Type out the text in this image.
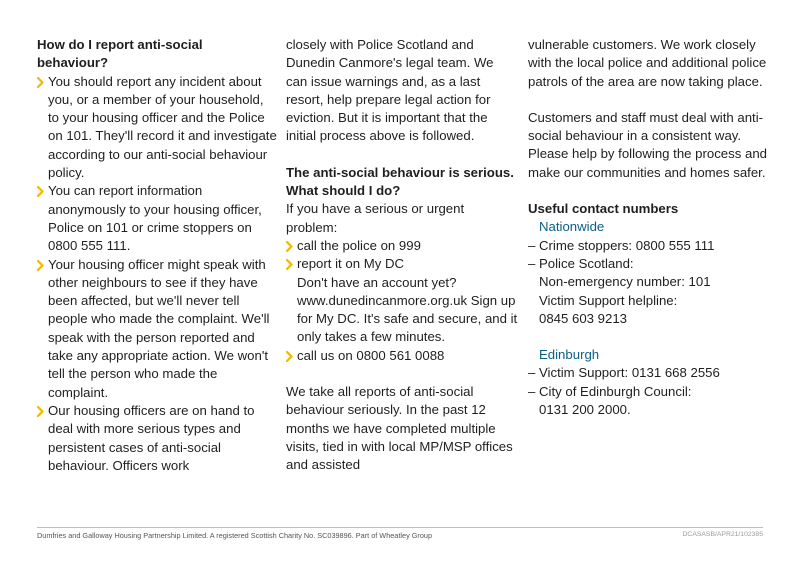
How do I report anti-social behaviour?
You should report any incident about you, or a member of your household, to your housing officer and the Police on 101. They'll record it and investigate according to our anti-social behaviour policy.
You can report information anonymously to your housing officer, Police on 101 or crime stoppers on 0800 555 111.
Your housing officer might speak with other neighbours to see if they have been affected, but we'll never tell people who made the complaint. We'll speak with the person reported and take any appropriate action. We won't tell the person who made the complaint.
Our housing officers are on hand to deal with more serious types and persistent cases of anti-social behaviour. Officers work
closely with Police Scotland and Dunedin Canmore's legal team. We can issue warnings and, as a last resort, help prepare legal action for eviction. But it is important that the initial process above is followed.
The anti-social behaviour is serious. What should I do?
If you have a serious or urgent problem:
call the police on 999
report it on My DC
Don't have an account yet? www.dunedincanmore.org.uk Sign up for My DC. It's safe and secure, and it only takes a few minutes.
call us on 0800 561 0088
We take all reports of anti-social behaviour seriously. In the past 12 months we have completed multiple visits, tied in with local MP/MSP offices and assisted
vulnerable customers. We work closely with the local police and additional police patrols of the area are now taking place.
Customers and staff must deal with anti-social behaviour in a consistent way. Please help by following the process and make our communities and homes safer.
Useful contact numbers
Nationwide
– Crime stoppers: 0800 555 111
– Police Scotland:
Non-emergency number: 101
Victim Support helpline:
0845 603 9213
Edinburgh
– Victim Support: 0131 668 2556
– City of Edinburgh Council:
0131 200 2000.
Dumfries and Galloway Housing Partnership Limited. A registered Scottish Charity No. SC039896. Part of Wheatley Group	DCASASB/APR21/102385
